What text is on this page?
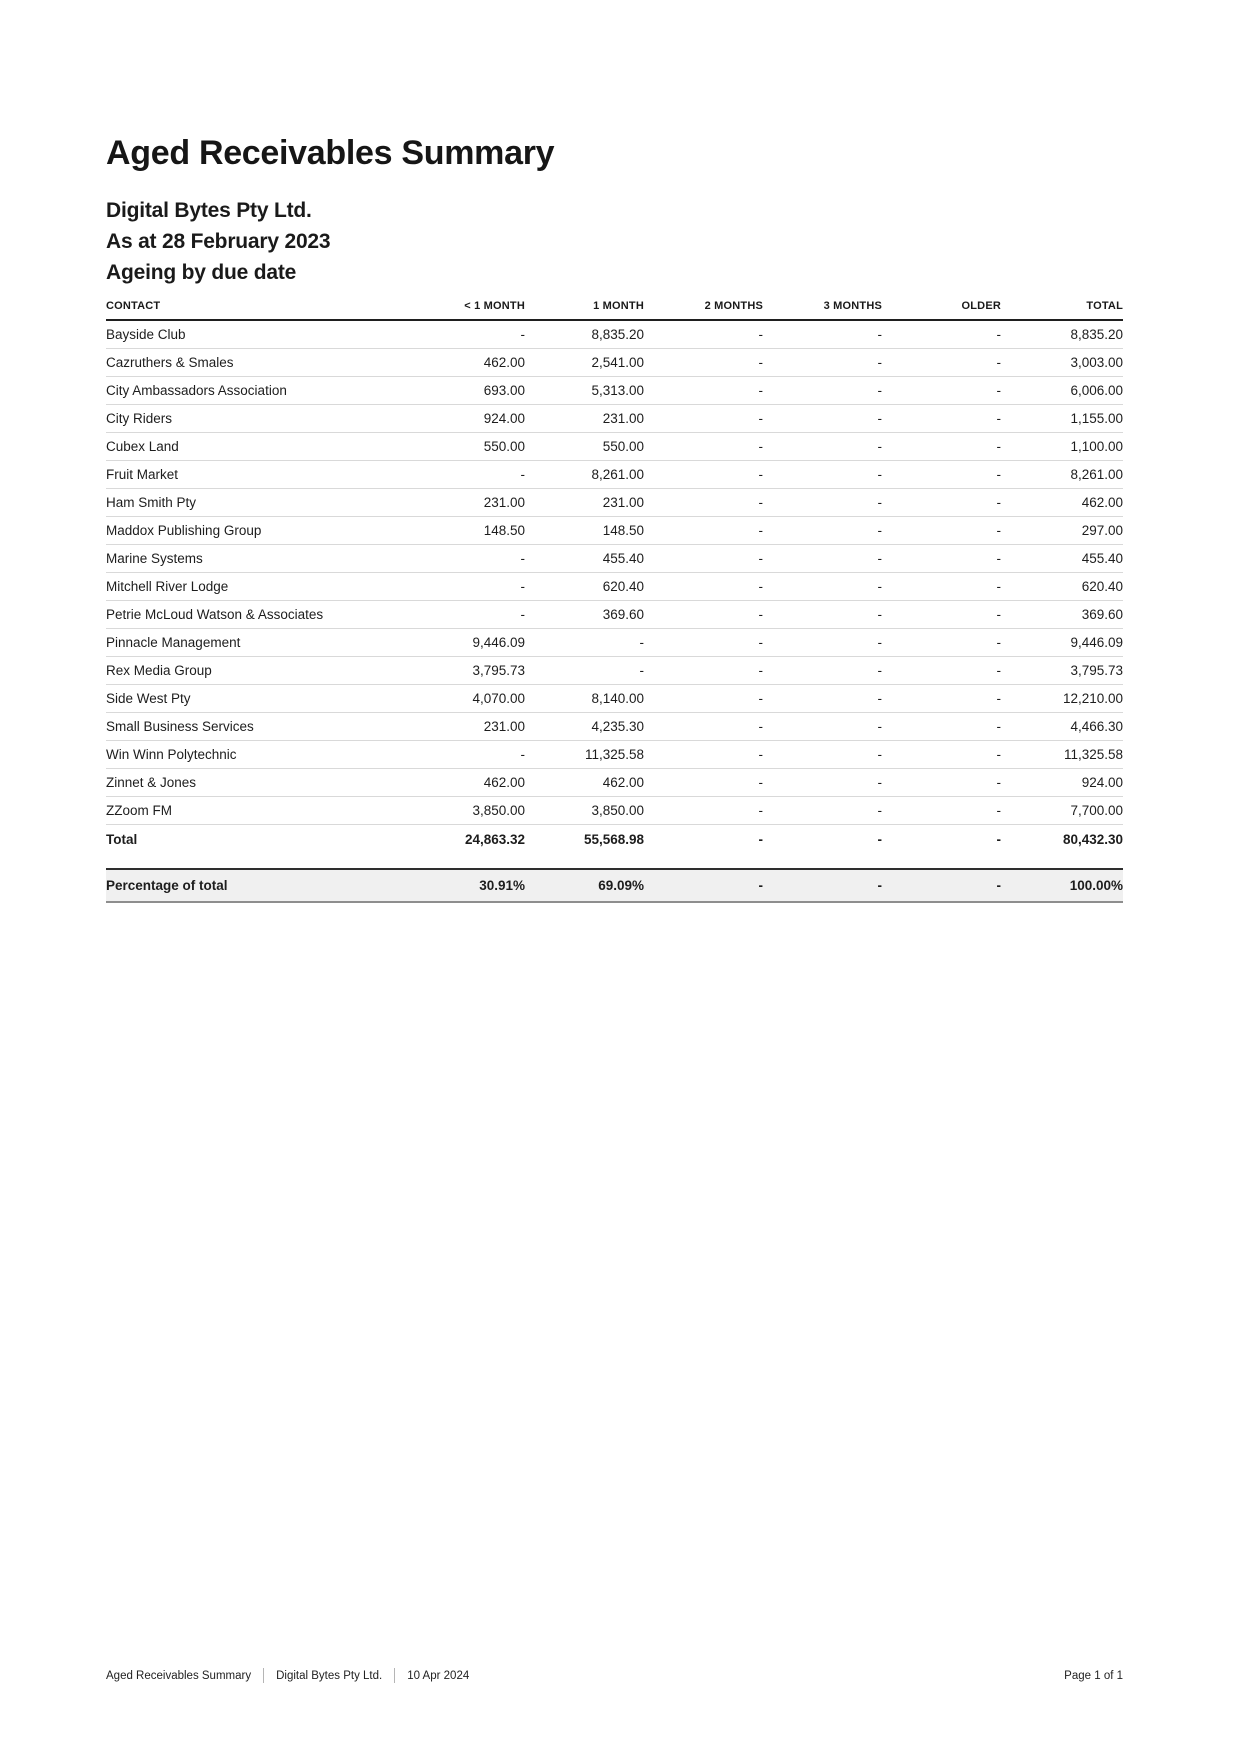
Aged Receivables Summary
Digital Bytes Pty Ltd.
As at 28 February 2023
Ageing by due date
CONTACT	< 1 MONTH	1 MONTH	2 MONTHS	3 MONTHS	OLDER	TOTAL
Bayside Club	-	8,835.20	-	-	-	8,835.20
Cazruthers & Smales	462.00	2,541.00	-	-	-	3,003.00
City Ambassadors Association	693.00	5,313.00	-	-	-	6,006.00
City Riders	924.00	231.00	-	-	-	1,155.00
Cubex Land	550.00	550.00	-	-	-	1,100.00
Fruit Market	-	8,261.00	-	-	-	8,261.00
Ham Smith Pty	231.00	231.00	-	-	-	462.00
Maddox Publishing Group	148.50	148.50	-	-	-	297.00
Marine Systems	-	455.40	-	-	-	455.40
Mitchell River Lodge	-	620.40	-	-	-	620.40
Petrie McLoud Watson & Associates	-	369.60	-	-	-	369.60
Pinnacle Management	9,446.09	-	-	-	-	9,446.09
Rex Media Group	3,795.73	-	-	-	-	3,795.73
Side West Pty	4,070.00	8,140.00	-	-	-	12,210.00
Small Business Services	231.00	4,235.30	-	-	-	4,466.30
Win Winn Polytechnic	-	11,325.58	-	-	-	11,325.58
Zinnet & Jones	462.00	462.00	-	-	-	924.00
ZZoom FM	3,850.00	3,850.00	-	-	-	7,700.00
Total	24,863.32	55,568.98	-	-	-	80,432.30

Percentage of total	30.91%	69.09%	-	-	-	100.00%
Aged Receivables Summary Digital Bytes Pty Ltd. 10 Apr 2024	Page 1 of 1
